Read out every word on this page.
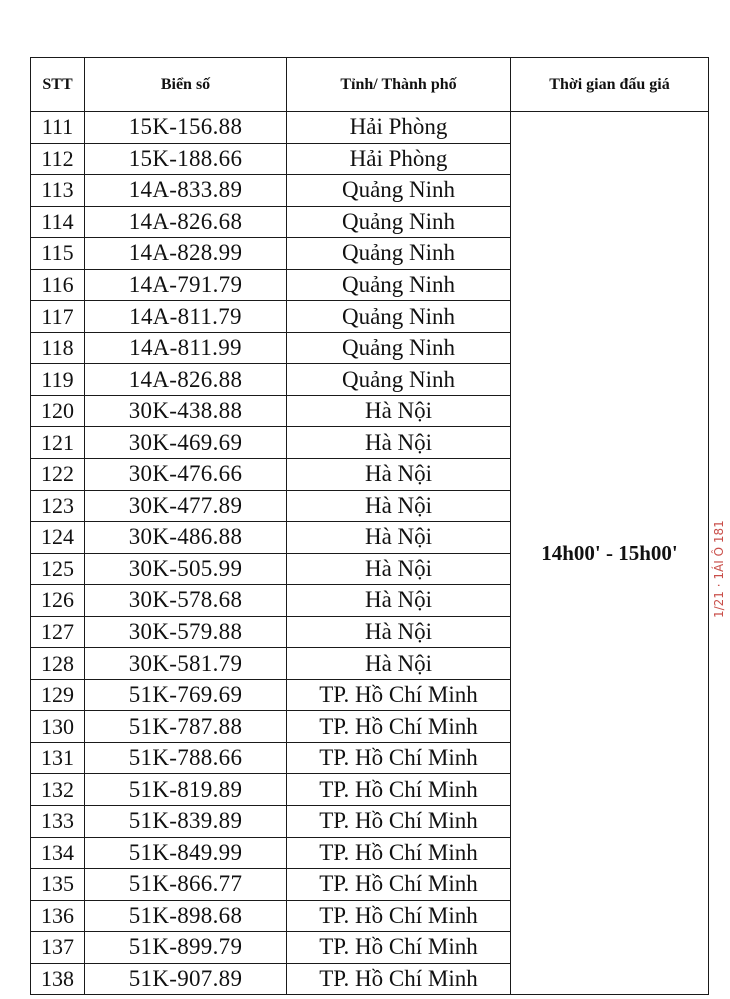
STT	Biển số	Tỉnh/ Thành phố	Thời gian đấu giá
111	15K-156.88	Hải Phòng	14h00' - 15h00'
112	15K-188.66	Hải Phòng	
113	14A-833.89	Quảng Ninh	
114	14A-826.68	Quảng Ninh	
115	14A-828.99	Quảng Ninh	
116	14A-791.79	Quảng Ninh	
117	14A-811.79	Quảng Ninh	
118	14A-811.99	Quảng Ninh	
119	14A-826.88	Quảng Ninh	
120	30K-438.88	Hà Nội	
121	30K-469.69	Hà Nội	
122	30K-476.66	Hà Nội	
123	30K-477.89	Hà Nội	
124	30K-486.88	Hà Nội	
125	30K-505.99	Hà Nội	
126	30K-578.68	Hà Nội	
127	30K-579.88	Hà Nội	
128	30K-581.79	Hà Nội	
129	51K-769.69	TP. Hồ Chí Minh	
130	51K-787.88	TP. Hồ Chí Minh	
131	51K-788.66	TP. Hồ Chí Minh	
132	51K-819.89	TP. Hồ Chí Minh	
133	51K-839.89	TP. Hồ Chí Minh	
134	51K-849.99	TP. Hồ Chí Minh	
135	51K-866.77	TP. Hồ Chí Minh	
136	51K-898.68	TP. Hồ Chí Minh	
137	51K-899.79	TP. Hồ Chí Minh	
138	51K-907.89	TP. Hồ Chí Minh	
1/21 · 1ÁI Ô 181
